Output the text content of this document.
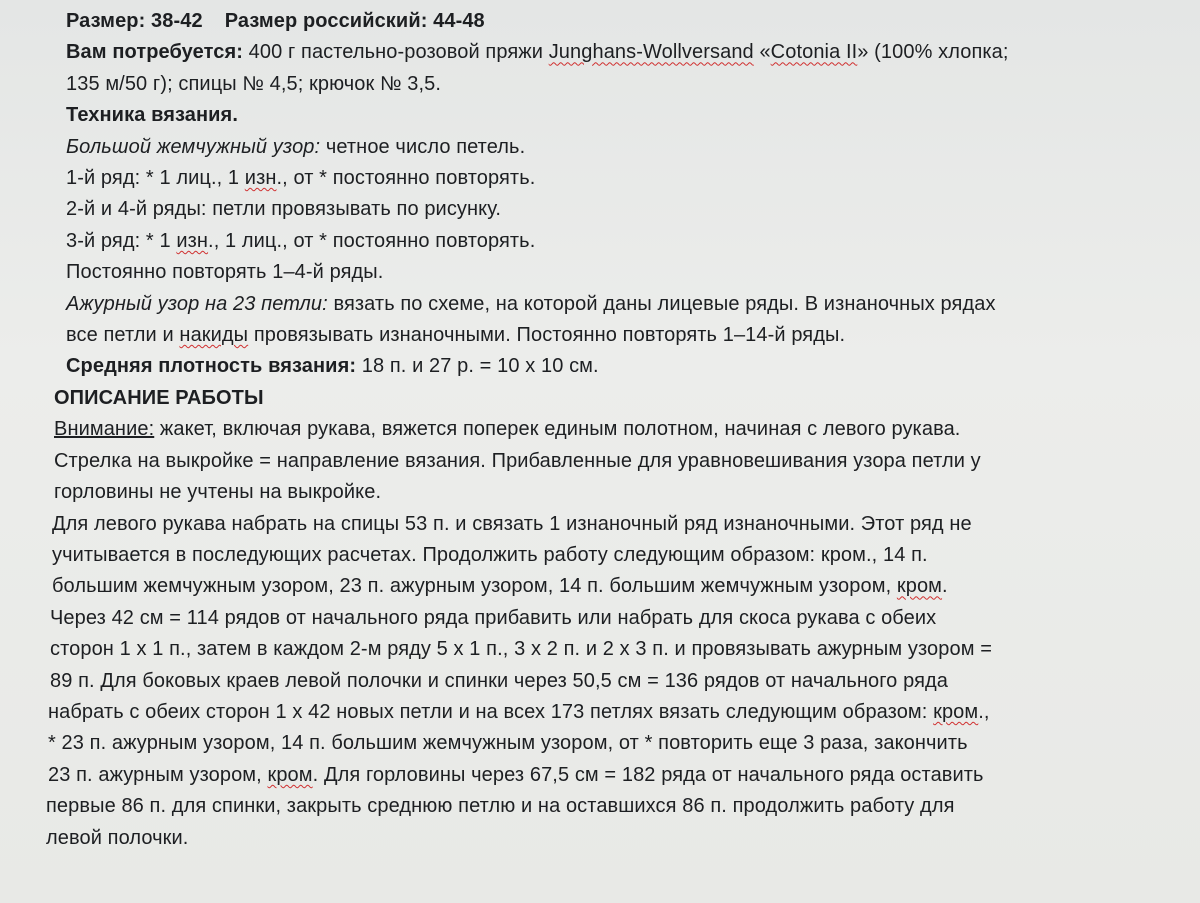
Размер: 38-42 Размер российский: 44-48
Вам потребуется: 400 г пастельно-розовой пряжи Junghans-Wollversand «Cotonia II» (100% хлопка;
135 м/50 г); спицы № 4,5; крючок № 3,5.
Техника вязания.
Большой жемчужный узор: четное число петель.
1-й ряд: * 1 лиц., 1 изн., от * постоянно повторять.
2-й и 4-й ряды: петли провязывать по рисунку.
3-й ряд: * 1 изн., 1 лиц., от * постоянно повторять.
Постоянно повторять 1–4-й ряды.
Ажурный узор на 23 петли: вязать по схеме, на которой даны лицевые ряды. В изнаночных рядах
все петли и накиды провязывать изнаночными. Постоянно повторять 1–14-й ряды.
Средняя плотность вязания: 18 п. и 27 р. = 10 х 10 см.
ОПИСАНИЕ РАБОТЫ
Внимание: жакет, включая рукава, вяжется поперек единым полотном, начиная с левого рукава.
Стрелка на выкройке = направление вязания. Прибавленные для уравновешивания узора петли у
горловины не учтены на выкройке.
Для левого рукава набрать на спицы 53 п. и связать 1 изнаночный ряд изнаночными. Этот ряд не
учитывается в последующих расчетах. Продолжить работу следующим образом: кром., 14 п.
большим жемчужным узором, 23 п. ажурным узором, 14 п. большим жемчужным узором, кром.
Через 42 см = 114 рядов от начального ряда прибавить или набрать для скоса рукава с обеих
сторон 1 х 1 п., затем в каждом 2-м ряду 5 х 1 п., 3 х 2 п. и 2 х 3 п. и провязывать ажурным узором =
89 п. Для боковых краев левой полочки и спинки через 50,5 см = 136 рядов от начального ряда
набрать с обеих сторон 1 х 42 новых петли и на всех 173 петлях вязать следующим образом: кром.,
* 23 п. ажурным узором, 14 п. большим жемчужным узором, от * повторить еще 3 раза, закончить
23 п. ажурным узором, кром. Для горловины через 67,5 см = 182 ряда от начального ряда оставить
первые 86 п. для спинки, закрыть среднюю петлю и на оставшихся 86 п. продолжить работу для
левой полочки.
